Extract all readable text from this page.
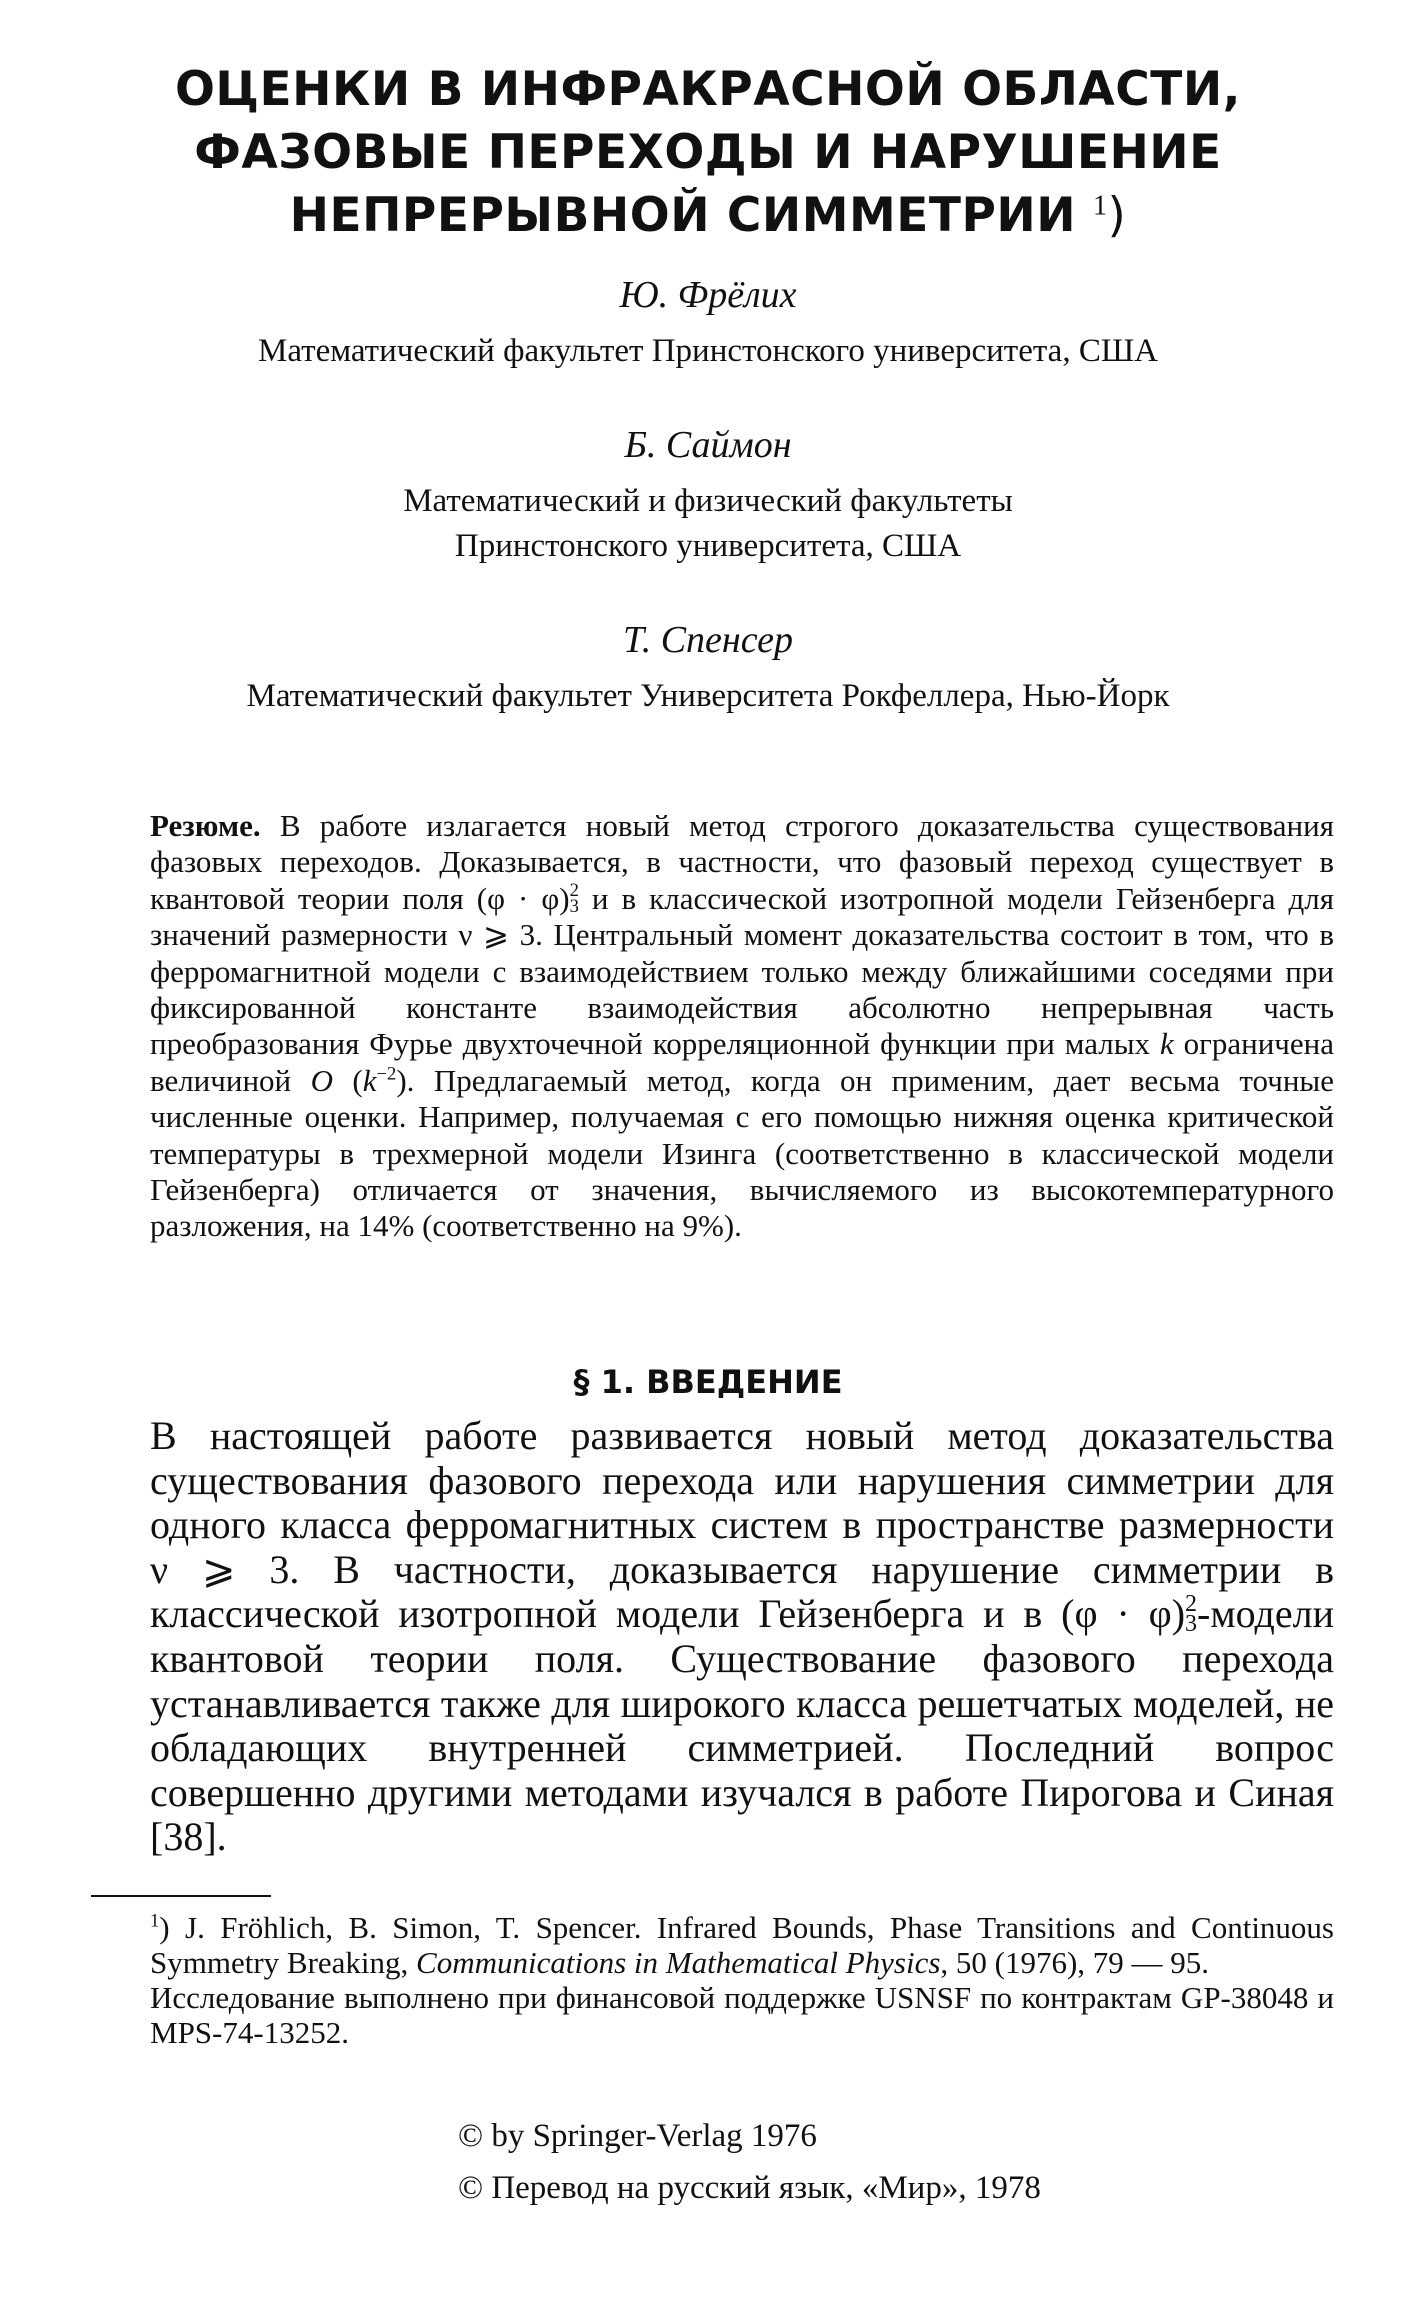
ОЦЕНКИ В ИНФРАКРАСНОЙ ОБЛАСТИ,
ФАЗОВЫЕ ПЕРЕХОДЫ И НАРУШЕНИЕ
НЕПРЕРЫВНОЙ СИММЕТРИИ $^1$)
Ю. Фрёлих
Математический факультет Принстонского университета, США
Б. Саймон
Математический и физический факультеты
Принстонского университета, США
Т. Спенсер
Математический факультет Университета Рокфеллера, Нью-Йорк
Резюме. В работе излагается новый метод строгого доказательства существования фазовых переходов. Доказывается, в частности, что фазовый переход существует в квантовой теории поля (φ · φ) 2
3 и в классической изотропной модели Гейзенберга для значений размерности ν ⩾ 3. Центральный момент доказательства состоит в том, что в ферромагнитной модели с взаимодействием только между ближайшими соседями при фиксированной константе взаимодействия абсолютно непрерывная часть преобразования Фурье двухточечной корреляционной функции при малых k ограничена величиной O $(k^{-2})$. Предлагаемый метод, когда он применим, дает весьма точные численные оценки. Например, получаемая с его помощью нижняя оценка критической температуры в трехмерной модели Изинга (соответственно в классической модели Гейзенберга) отличается от значения, вычисляемого из высокотемпературного разложения, на 14% (соответственно на 9%).
§ 1. ВВЕДЕНИЕ
В настоящей работе развивается новый метод доказательства существования фазового перехода или нарушения симметрии для одного класса ферромагнитных систем в пространстве размерности ν ⩾ 3. В частности, доказывается нарушение симметрии в классической изотропной модели Гейзенберга и в (φ · φ) 2
3 -модели квантовой теории поля. Существование фазового перехода устанавливается также для широкого класса решетчатых моделей, не обладающих внутренней симметрией. Последний вопрос совершенно другими методами изучался в работе Пирогова и Синая [38].
$^1$) J. Fröhlich, B. Simon, T. Spencer. Infrared Bounds, Phase Transitions and Continuous Symmetry Breaking, Communications in Mathematical Physics, 50 (1976), 79 — 95.
Исследование выполнено при финансовой поддержке USNSF по контрактам GP-38048 и MPS-74-13252.
© by Springer-Verlag 1976
© Перевод на русский язык, «Мир», 1978
